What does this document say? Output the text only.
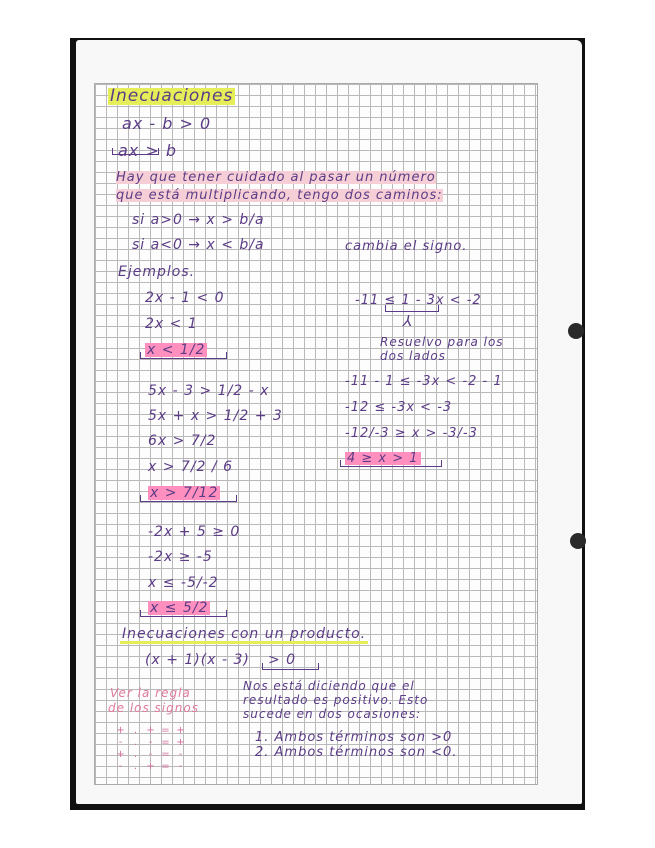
Inecuaciones
ax - b > 0
ax > b
Hay que tener cuidado al pasar un número
que está multiplicando, tengo dos caminos:
si a>0 → x > b/a
si a<0 → x < b/a	cambia el signo.
Ejemplos.
2x - 1 < 0
2x < 1
x < 1/2
5x - 3 > 1/2 - x
5x + x > 1/2 + 3
6x > 7/2
x > 7/2 / 6
x > 7/12
-2x + 5 ≥ 0
-2x ≥ -5
x ≤ -5/-2
x ≤ 5/2
-11 ≤ 1 - 3x < -2
⅄
Resuelvo para los
dos lados
-11 - 1 ≤ -3x < -2 - 1
-12 ≤ -3x < -3
-12/-3 ≥ x > -3/-3
4 ≥ x > 1
Inecuaciones con un producto.
(x + 1)(x - 3) > 0
Nos está diciendo que el
resultado es positivo. Esto
sucede en dos ocasiones:
Ver la regla
de los signos
1. Ambos términos son >0
2. Ambos términos son <0.
+ . + = +
-	.	- = +
+ .	- = -
-	. + = -
